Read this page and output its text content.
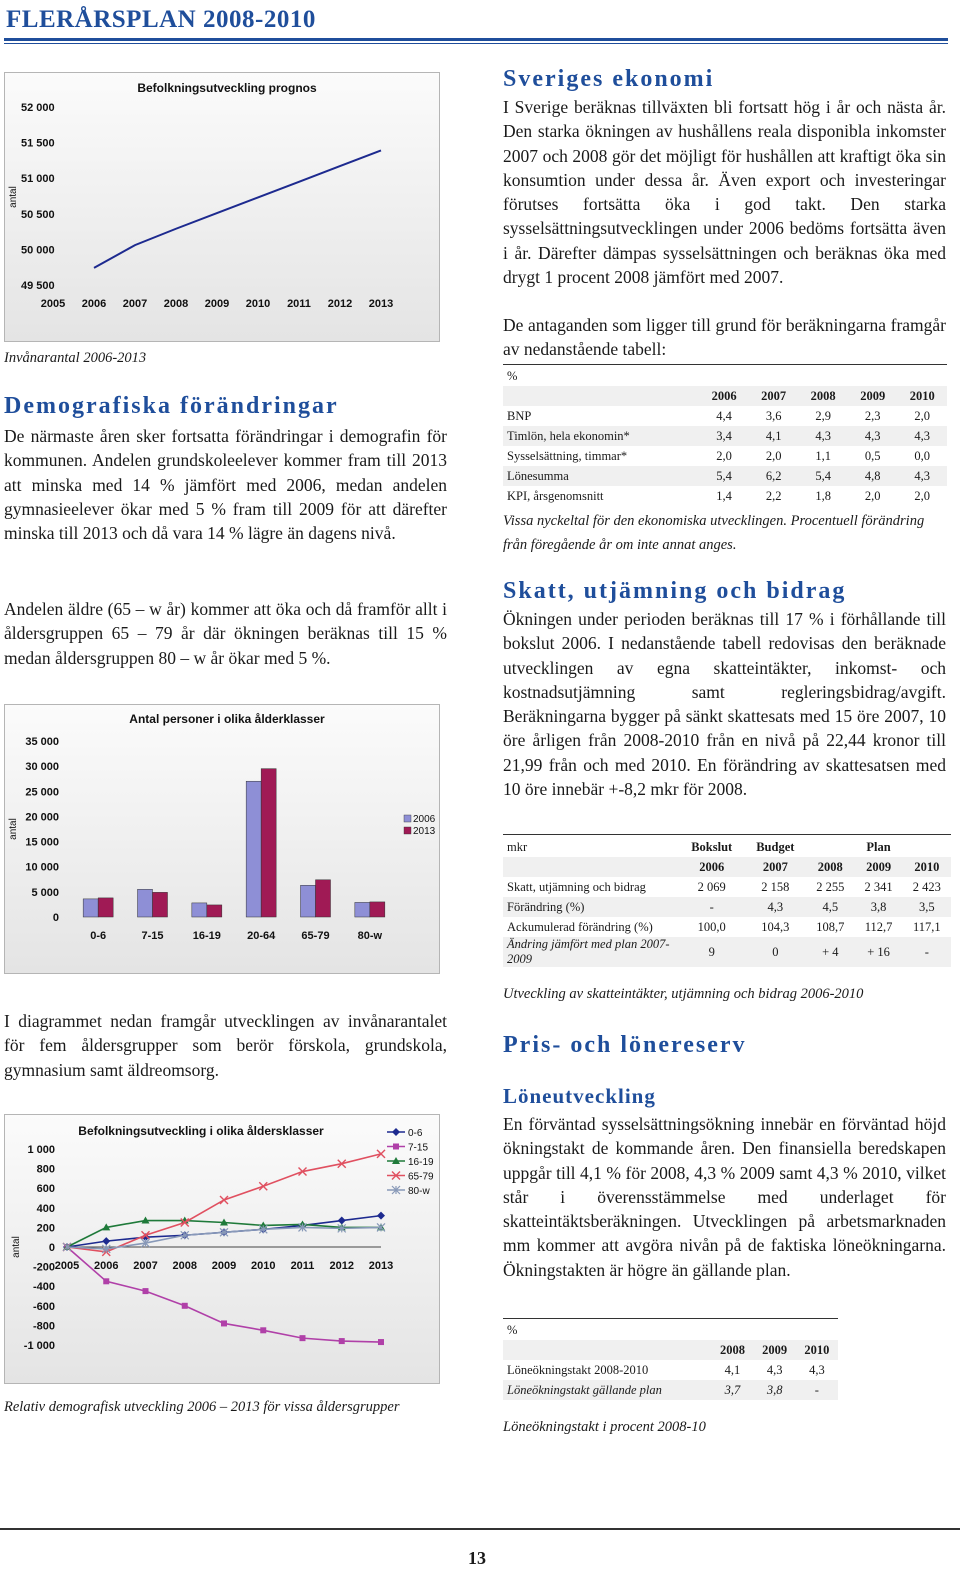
FLERÅRSPLAN 2008-2010
Befolkningsutveckling prognos
antal
52 000
51 500
51 000
50 500
50 000
49 500
2005 2006 2007 2008 2009 2010 2011 2012 2013
Invånarantal 2006-2013
Demografiska förändringar
De närmaste åren sker fortsatta förändringar i demografin för kommunen. Andelen grundskoleelever kommer fram till 2013 att minska med 14 % jämfört med 2006, medan andelen gymnasieelever ökar med 5 % fram till 2009 för att därefter minska till 2013 och då vara 14 % lägre än dagens nivå.
Andelen äldre (65 – w år) kommer att öka och då framför allt i åldersgruppen 65 – 79 år där ökningen beräknas till 15 % medan åldersgruppen 80 – w år ökar med 5 %.
Antal personer i olika ålderklasser
antal
35 000
30 000
25 000
20 000
15 000
10 000
5 000
0
0-6	7-15	16-19 20-64 65-79	80-w
2006
2013
I diagrammet nedan framgår utvecklingen av invånarantalet för fem åldersgrupper som berör förskola, grundskola, gymnasium samt äldreomsorg.
Befolkningsutveckling i olika åldersklasser
antal
1 000
800
600
400
200
0
-200
-400
-600
-800
-1 000
2005 2006 2007 2008 2009 2010 2011 2012 2013
0-6
7-15
16-19
65-79
80-w
Relativ demografisk utveckling 2006 – 2013 för vissa åldersgrupper
Sveriges ekonomi
I Sverige beräknas tillväxten bli fortsatt hög i år och nästa år. Den starka ökningen av hushållens reala disponibla inkomster 2007 och 2008 gör det möjligt för hushållen att kraftigt öka sin konsumtion under dessa år. Även export och investeringar förutses fortsätta öka i god takt. Den starka sysselsättningsutvecklingen under 2006 bedöms fortsätta även i år. Därefter dämpas sysselsättningen och beräknas öka med drygt 1 procent 2008 jämfört med 2007.
De antaganden som ligger till grund för beräkningarna framgår av nedanstående tabell:
%					
	2006	2007	2008	2009	2010
BNP	4,4	3,6	2,9	2,3	2,0
Timlön, hela ekonomin*	3,4	4,1	4,3	4,3	4,3
Sysselsättning, timmar*	2,0	2,0	1,1	0,5	0,0
Lönesumma	5,4	6,2	5,4	4,8	4,3
KPI, årsgenomsnitt	1,4	2,2	1,8	2,0	2,0
Vissa nyckeltal för den ekonomiska utvecklingen. Procentuell förändring från föregående år om inte annat anges.
Skatt, utjämning och bidrag
Ökningen under perioden beräknas till 17 % i förhållande till bokslut 2006. I nedanstående tabell redovisas den beräknade utvecklingen av egna skatteintäkter, inkomst- och kostnadsutjämning samt regleringsbidrag/avgift. Beräkningarna bygger på sänkt skattesats med 15 öre 2007, 10 öre årligen från 2008-2010 från en nivå på 22,44 kronor till 21,99 från och med 2010. En förändring av skattesatsen med 10 öre innebär +-8,2 mkr för 2008.
mkr	Bokslut	Budget		Plan	
	2006	2007	2008	2009	2010
Skatt, utjämning och bidrag	2 069	2 158	2 255	2 341	2 423
Förändring (%)	-	4,3	4,5	3,8	3,5
Ackumulerad förändring (%)	100,0	104,3	108,7	112,7	117,1
Ändring jämfört med plan 2007-2009	9	0	+ 4	+ 16	-
Utveckling av skatteintäkter, utjämning och bidrag 2006-2010
Pris- och lönereserv
Löneutveckling
En förväntad sysselsättningsökning innebär en förväntad höjd ökningstakt de kommande åren. Den finansiella beredskapen uppgår till 4,1 % för 2008, 4,3 % 2009 samt 4,3 % 2010, vilket står i överensstämmelse med underlaget för skatteintäktsberäkningen. Utvecklingen på arbetsmarknaden mm kommer att avgöra nivån på de faktiska löneökningarna. Ökningstakten är högre än gällande plan.
%			
	2008	2009	2010
Löneökningstakt 2008-2010	4,1	4,3	4,3
Löneökningstakt gällande plan	3,7	3,8	-
Löneökningstakt i procent 2008-10
13
